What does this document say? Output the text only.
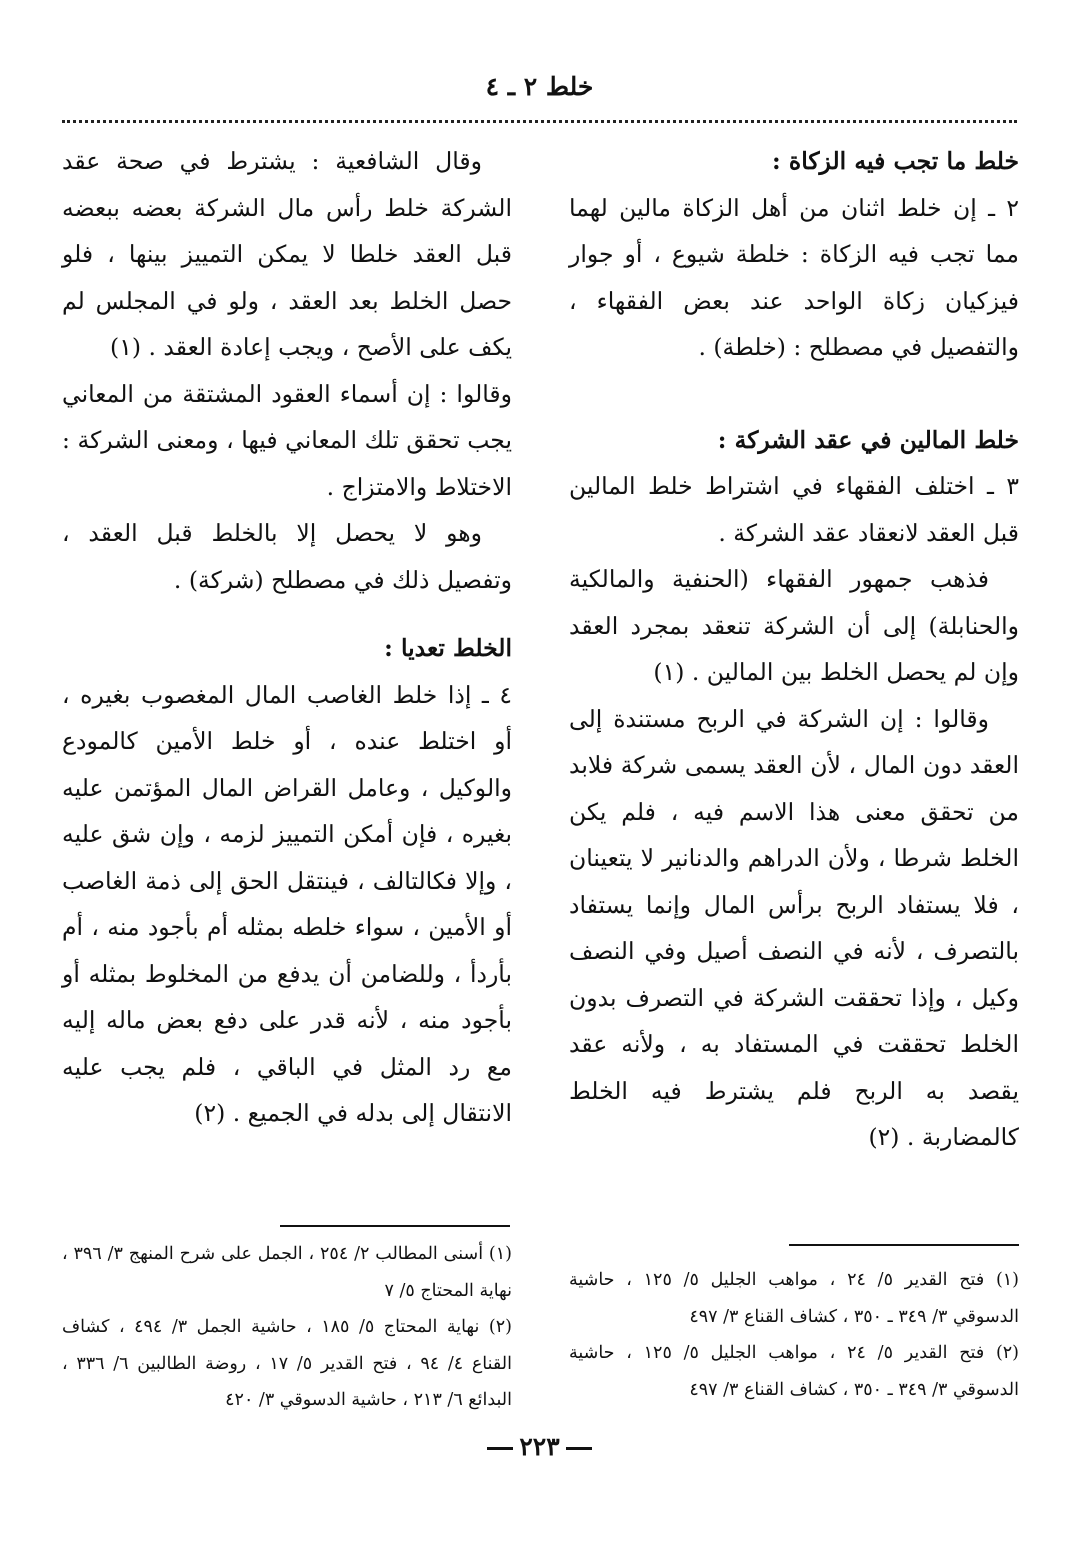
خلط ٢ ـ ٤
خلط ما تجب فيه الزكاة :

٢ ـ إن خلط اثنان من أهل الزكاة مالين لهما مما تجب فيه الزكاة : خلطة شيوع ، أو جوار فيزكيان زكاة الواحد عند بعض الفقهاء ، والتفصيل في مصطلح : (خلطة) .

خلط المالين في عقد الشركة :

٣ ـ اختلف الفقهاء في اشتراط خلط المالين قبل العقد لانعقاد عقد الشركة .

فذهب جمهور الفقهاء (الحنفية والمالكية والحنابلة) إلى أن الشركة تنعقد بمجرد العقد وإن لم يحصل الخلط بين المالين . (١)

وقالوا : إن الشركة في الربح مستندة إلى العقد دون المال ، لأن العقد يسمى شركة فلابد من تحقق معنى هذا الاسم فيه ، فلم يكن الخلط شرطا ، ولأن الدراهم والدنانير لا يتعينان ، فلا يستفاد الربح برأس المال وإنما يستفاد بالتصرف ، لأنه في النصف أصيل وفي النصف وكيل ، وإذا تحققت الشركة في التصرف بدون الخلط تحققت في المستفاد به ، ولأنه عقد يقصد به الربح فلم يشترط فيه الخلط كالمضاربة . (٢)

وقال الشافعية : يشترط في صحة عقد الشركة خلط رأس مال الشركة بعضه ببعضه قبل العقد خلطا لا يمكن التمييز بينها ، فلو حصل الخلط بعد العقد ، ولو في المجلس لم يكف على الأصح ، ويجب إعادة العقد . (١)

وقالوا : إن أسماء العقود المشتقة من المعاني يجب تحقق تلك المعاني فيها ، ومعنى الشركة : الاختلاط والامتزاج .

وهو لا يحصل إلا بالخلط قبل العقد ، وتفصيل ذلك في مصطلح (شركة) .

الخلط تعديا :

٤ ـ إذا خلط الغاصب المال المغصوب بغيره ، أو اختلط عنده ، أو خلط الأمين كالمودع والوكيل ، وعامل القراض المال المؤتمن عليه بغيره ، فإن أمكن التمييز لزمه ، وإن شق عليه ، وإلا فكالتالف ، فينتقل الحق إلى ذمة الغاصب أو الأمين ، سواء خلطه بمثله أم بأجود منه ، أم بأردأ ، وللضامن أن يدفع من المخلوط بمثله أو بأجود منه ، لأنه قدر على دفع بعض ماله إليه مع رد المثل في الباقي ، فلم يجب عليه الانتقال إلى بدله في الجميع . (٢)

(١) فتح القدير ٥/ ٢٤ ، مواهب الجليل ٥/ ١٢٥ ، حاشية الدسوقي ٣/ ٣٤٩ ـ ٣٥٠ ، كشاف القناع ٣/ ٤٩٧

(٢) فتح القدير ٥/ ٢٤ ، مواهب الجليل ٥/ ١٢٥ ، حاشية الدسوقي ٣/ ٣٤٩ ـ ٣٥٠ ، كشاف القناع ٣/ ٤٩٧

(١) أسنى المطالب ٢/ ٢٥٤ ، الجمل على شرح المنهج ٣/ ٣٩٦ ، نهاية المحتاج ٥/ ٧

(٢) نهاية المحتاج ٥/ ١٨٥ ، حاشية الجمل ٣/ ٤٩٤ ، كشاف القناع ٤/ ٩٤ ، فتح القدير ٥/ ١٧ ، روضة الطالبين ٦/ ٣٣٦ ، البدائع ٦/ ٢١٣ ، حاشية الدسوقي ٣/ ٤٢٠

٢٢٣
